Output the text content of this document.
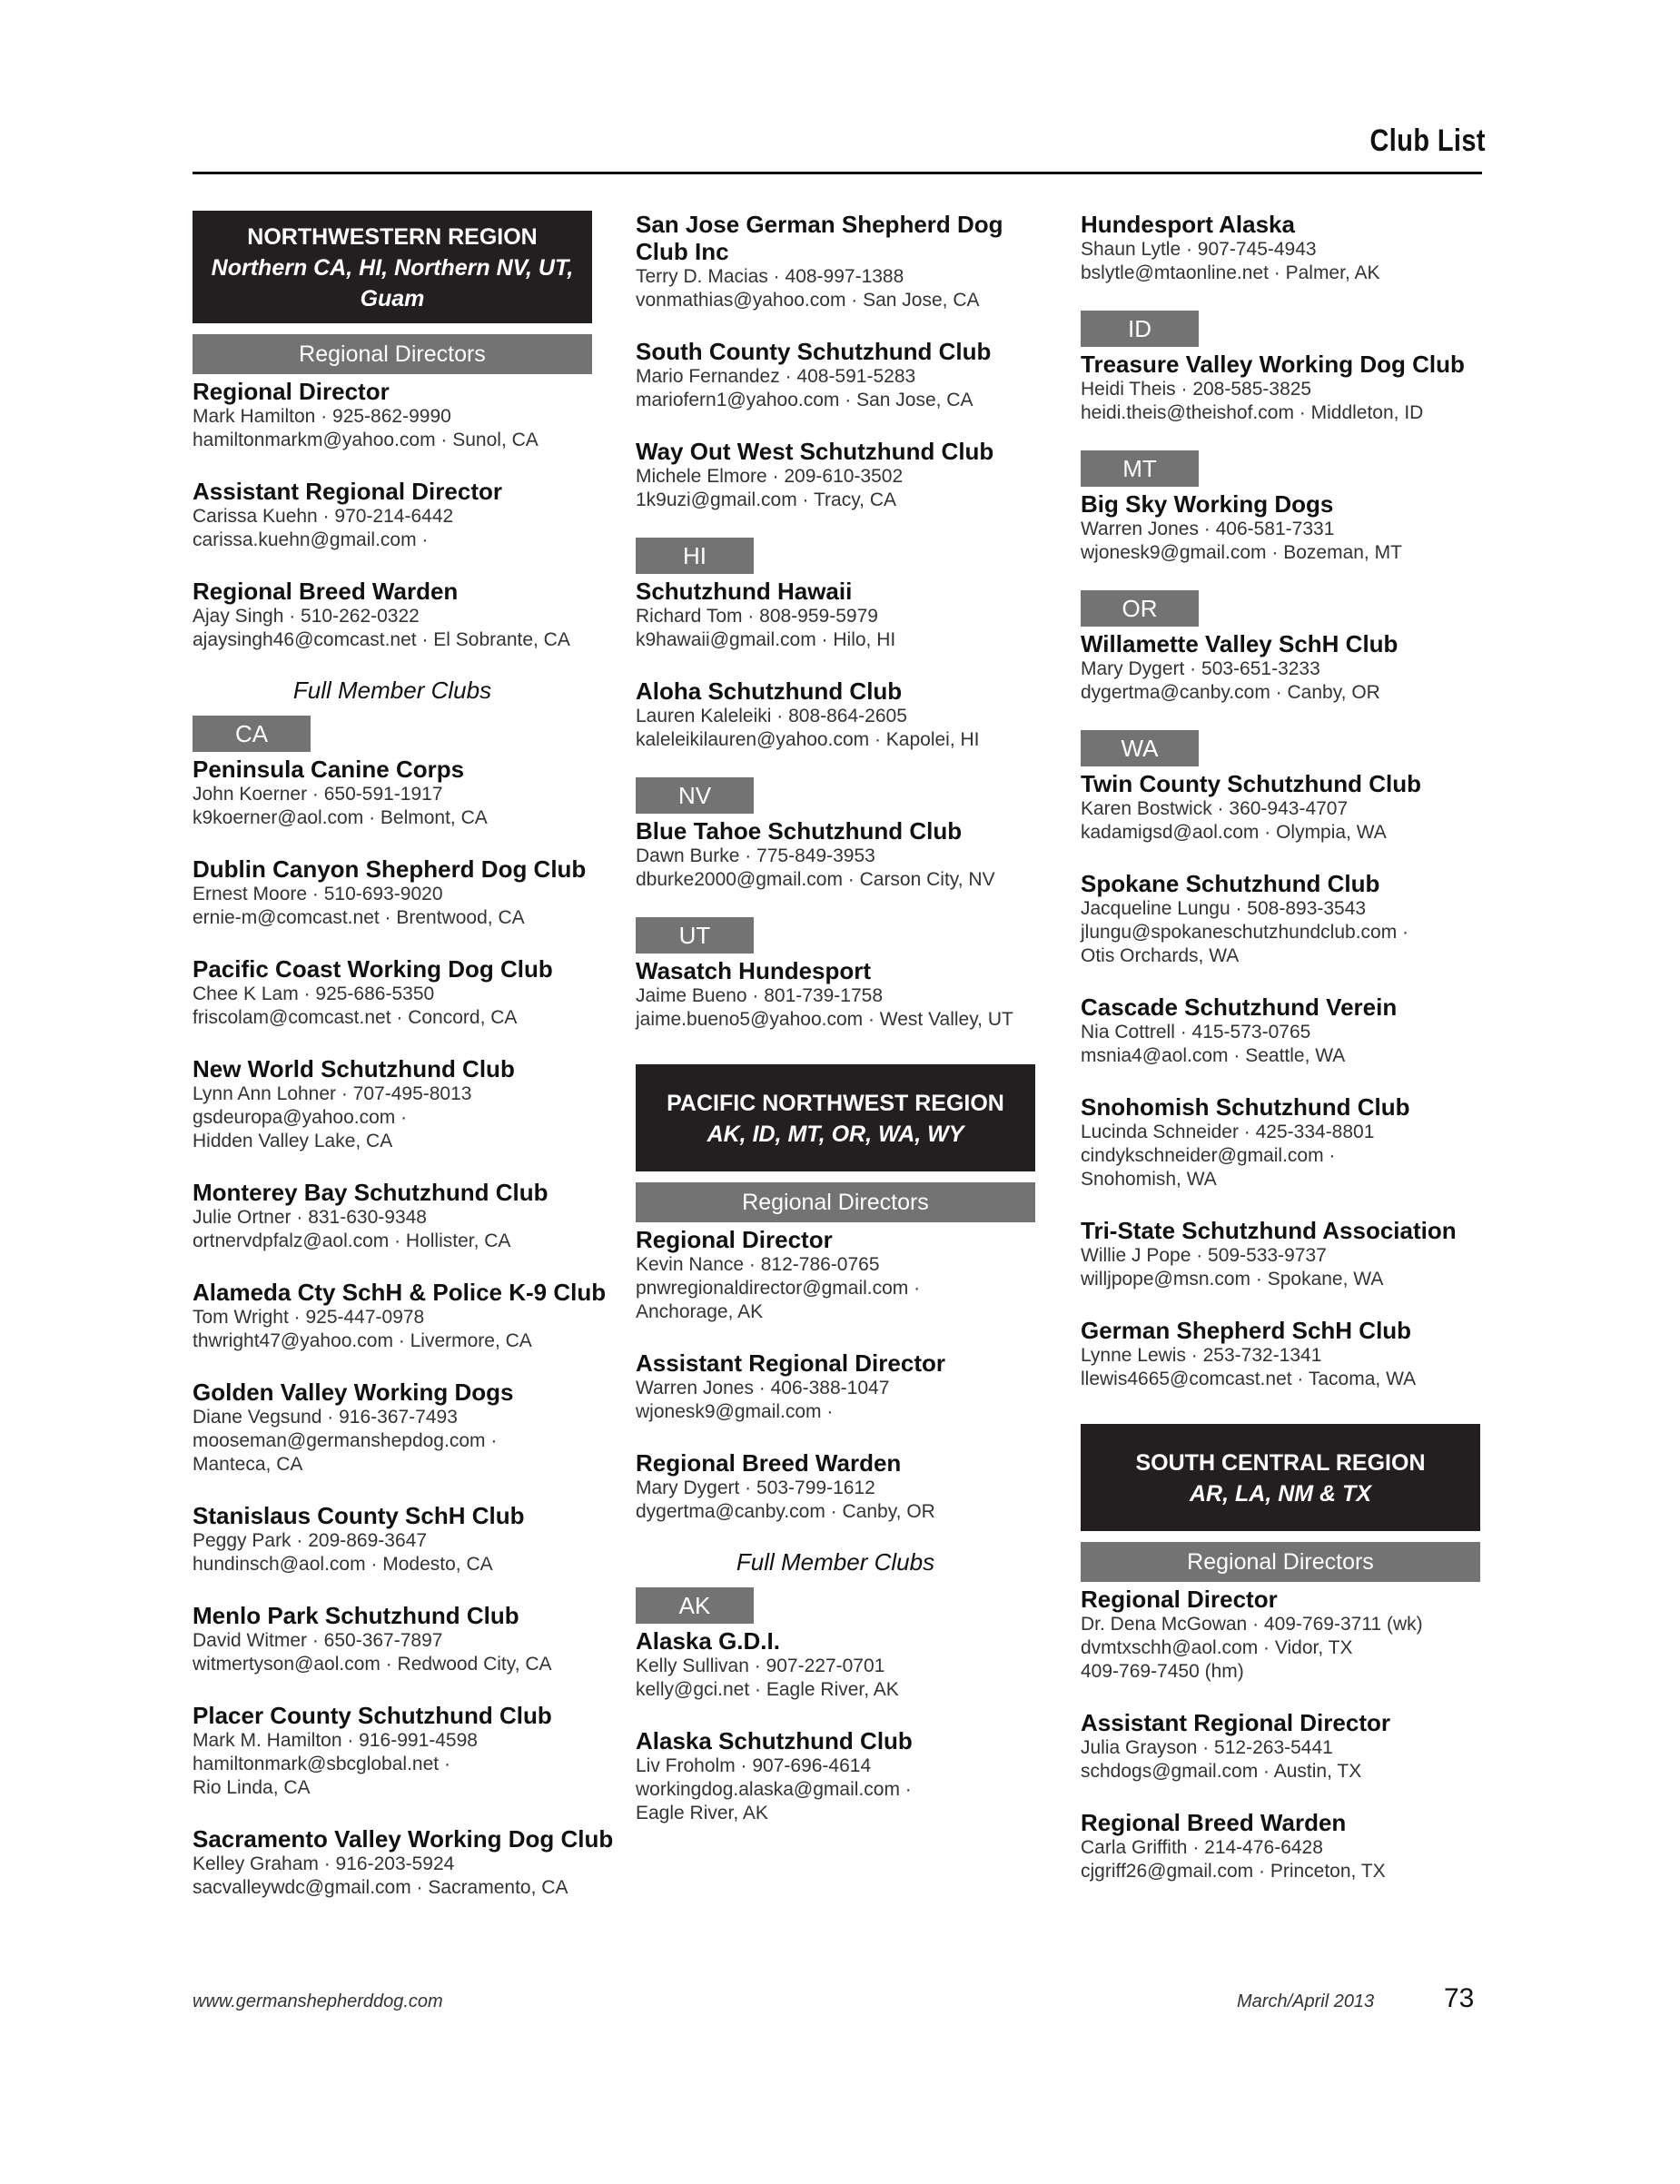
Club List
NORTHWESTERN REGION
Northern CA, HI, Northern NV, UT, Guam
Regional Directors
Regional Director
Mark Hamilton · 925-862-9990
hamiltonmarkm@yahoo.com · Sunol, CA
Assistant Regional Director
Carissa Kuehn · 970-214-6442
carissa.kuehn@gmail.com ·
Regional Breed Warden
Ajay Singh · 510-262-0322
ajaysingh46@comcast.net · El Sobrante, CA
Full Member Clubs
CA
Peninsula Canine Corps
John Koerner · 650-591-1917
k9koerner@aol.com · Belmont, CA
Dublin Canyon Shepherd Dog Club
Ernest Moore · 510-693-9020
ernie-m@comcast.net · Brentwood, CA
Pacific Coast Working Dog Club
Chee K Lam · 925-686-5350
friscolam@comcast.net · Concord, CA
New World Schutzhund Club
Lynn Ann Lohner · 707-495-8013
gsdeuropa@yahoo.com ·
Hidden Valley Lake, CA
Monterey Bay Schutzhund Club
Julie Ortner · 831-630-9348
ortnervdpfalz@aol.com · Hollister, CA
Alameda Cty SchH & Police K-9 Club
Tom Wright · 925-447-0978
thwright47@yahoo.com · Livermore, CA
Golden Valley Working Dogs
Diane Vegsund · 916-367-7493
mooseman@germanshepdog.com ·
Manteca, CA
Stanislaus County SchH Club
Peggy Park · 209-869-3647
hundinsch@aol.com · Modesto, CA
Menlo Park Schutzhund Club
David Witmer · 650-367-7897
witmertyson@aol.com · Redwood City, CA
Placer County Schutzhund Club
Mark M. Hamilton · 916-991-4598
hamiltonmark@sbcglobal.net ·
Rio Linda, CA
Sacramento Valley Working Dog Club
Kelley Graham · 916-203-5924
sacvalleywdc@gmail.com · Sacramento, CA
San Jose German Shepherd Dog
Club Inc
Terry D. Macias · 408-997-1388
vonmathias@yahoo.com · San Jose, CA
South County Schutzhund Club
Mario Fernandez · 408-591-5283
mariofern1@yahoo.com · San Jose, CA
Way Out West Schutzhund Club
Michele Elmore · 209-610-3502
1k9uzi@gmail.com · Tracy, CA
HI
Schutzhund Hawaii
Richard Tom · 808-959-5979
k9hawaii@gmail.com · Hilo, HI
Aloha Schutzhund Club
Lauren Kaleleiki · 808-864-2605
kaleleikilauren@yahoo.com · Kapolei, HI
NV
Blue Tahoe Schutzhund Club
Dawn Burke · 775-849-3953
dburke2000@gmail.com · Carson City, NV
UT
Wasatch Hundesport
Jaime Bueno · 801-739-1758
jaime.bueno5@yahoo.com · West Valley, UT
PACIFIC NORTHWEST REGION
AK, ID, MT, OR, WA, WY
Regional Directors
Regional Director
Kevin Nance · 812-786-0765
pnwregionaldirector@gmail.com ·
Anchorage, AK
Assistant Regional Director
Warren Jones · 406-388-1047
wjonesk9@gmail.com ·
Regional Breed Warden
Mary Dygert · 503-799-1612
dygertma@canby.com · Canby, OR
Full Member Clubs
AK
Alaska G.D.I.
Kelly Sullivan · 907-227-0701
kelly@gci.net · Eagle River, AK
Alaska Schutzhund Club
Liv Froholm · 907-696-4614
workingdog.alaska@gmail.com ·
Eagle River, AK
Hundesport Alaska
Shaun Lytle · 907-745-4943
bslytle@mtaonline.net · Palmer, AK
ID
Treasure Valley Working Dog Club
Heidi Theis · 208-585-3825
heidi.theis@theishof.com · Middleton, ID
MT
Big Sky Working Dogs
Warren Jones · 406-581-7331
wjonesk9@gmail.com · Bozeman, MT
OR
Willamette Valley SchH Club
Mary Dygert · 503-651-3233
dygertma@canby.com · Canby, OR
WA
Twin County Schutzhund Club
Karen Bostwick · 360-943-4707
kadamigsd@aol.com · Olympia, WA
Spokane Schutzhund Club
Jacqueline Lungu · 508-893-3543
jlungu@spokaneschutzhundclub.com ·
Otis Orchards, WA
Cascade Schutzhund Verein
Nia Cottrell · 415-573-0765
msnia4@aol.com · Seattle, WA
Snohomish Schutzhund Club
Lucinda Schneider · 425-334-8801
cindykschneider@gmail.com ·
Snohomish, WA
Tri-State Schutzhund Association
Willie J Pope · 509-533-9737
willjpope@msn.com · Spokane, WA
German Shepherd SchH Club
Lynne Lewis · 253-732-1341
llewis4665@comcast.net · Tacoma, WA
SOUTH CENTRAL REGION
AR, LA, NM & TX
Regional Directors
Regional Director
Dr. Dena McGowan · 409-769-3711 (wk)
dvmtxschh@aol.com · Vidor, TX
409-769-7450 (hm)
Assistant Regional Director
Julia Grayson · 512-263-5441
schdogs@gmail.com · Austin, TX
Regional Breed Warden
Carla Griffith · 214-476-6428
cjgriff26@gmail.com · Princeton, TX
www.germanshepherddog.com	March/April 2013	73
